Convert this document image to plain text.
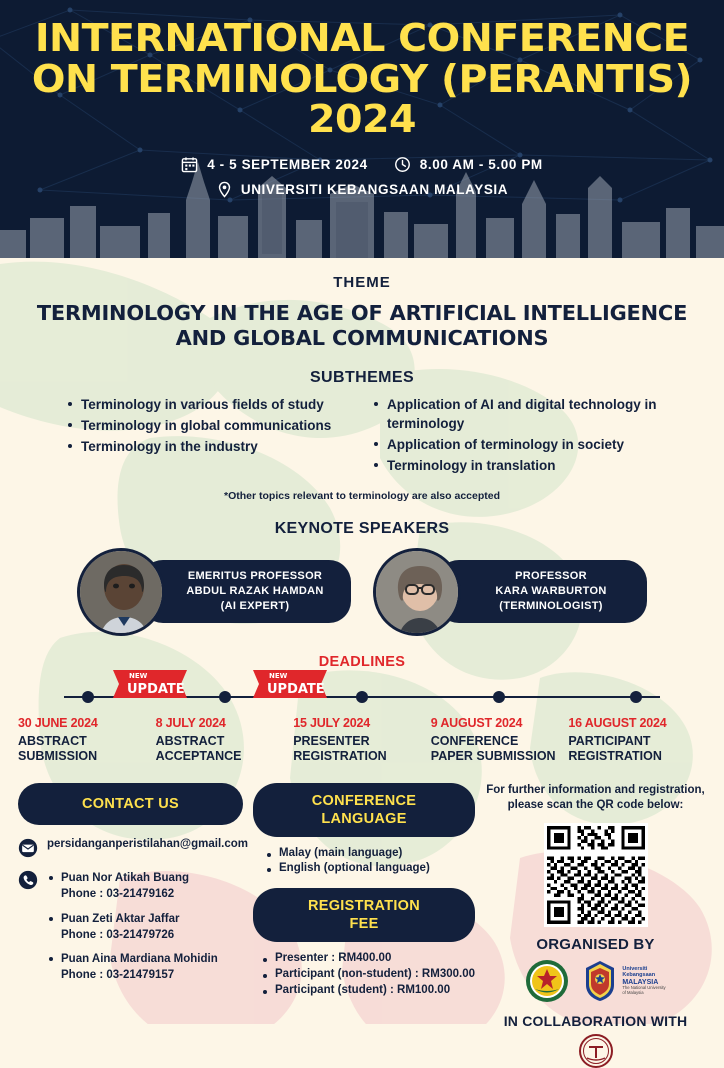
INTERNATIONAL CONFERENCE ON TERMINOLOGY (PERANTIS) 2024
4 - 5 SEPTEMBER 2024	8.00 AM - 5.00 PM
UNIVERSITI KEBANGSAAN MALAYSIA
THEME
TERMINOLOGY IN THE AGE OF ARTIFICIAL INTELLIGENCE AND GLOBAL COMMUNICATIONS
SUBTHEMES
Terminology in various fields of study
Terminology in global communications
Terminology in the industry
Application of AI and digital technology in terminology
Application of terminology in society
Terminology in translation
*Other topics relevant to terminology are also accepted
KEYNOTE SPEAKERS
EMERITUS PROFESSOR
ABDUL RAZAK HAMDAN
(AI EXPERT)
PROFESSOR
KARA WARBURTON
(TERMINOLOGIST)
DEADLINES
NEW
UPDATE
NEW
UPDATE
30 JUNE 2024
ABSTRACT SUBMISSION
8 JULY 2024
ABSTRACT ACCEPTANCE
15 JULY 2024
PRESENTER REGISTRATION
9 AUGUST 2024
CONFERENCE PAPER SUBMISSION
16 AUGUST 2024
PARTICIPANT REGISTRATION
CONTACT US
persidanganperistilahan@gmail.com
Puan Nor Atikah Buang
Phone : 03-21479162
Puan Zeti Aktar Jaffar
Phone : 03-21479726
Puan Aina Mardiana Mohidin
Phone : 03-21479157
CONFERENCE
LANGUAGE
Malay (main language)
English (optional language)
REGISTRATION
FEE
Presenter : RM400.00
Participant (non-student) : RM300.00
Participant (student) : RM100.00
For further information and registration, please scan the QR code below:
ORGANISED BY
Universiti
Kebangsaan
MALAYSIA
The National University
of Malaysia
IN COLLABORATION WITH
